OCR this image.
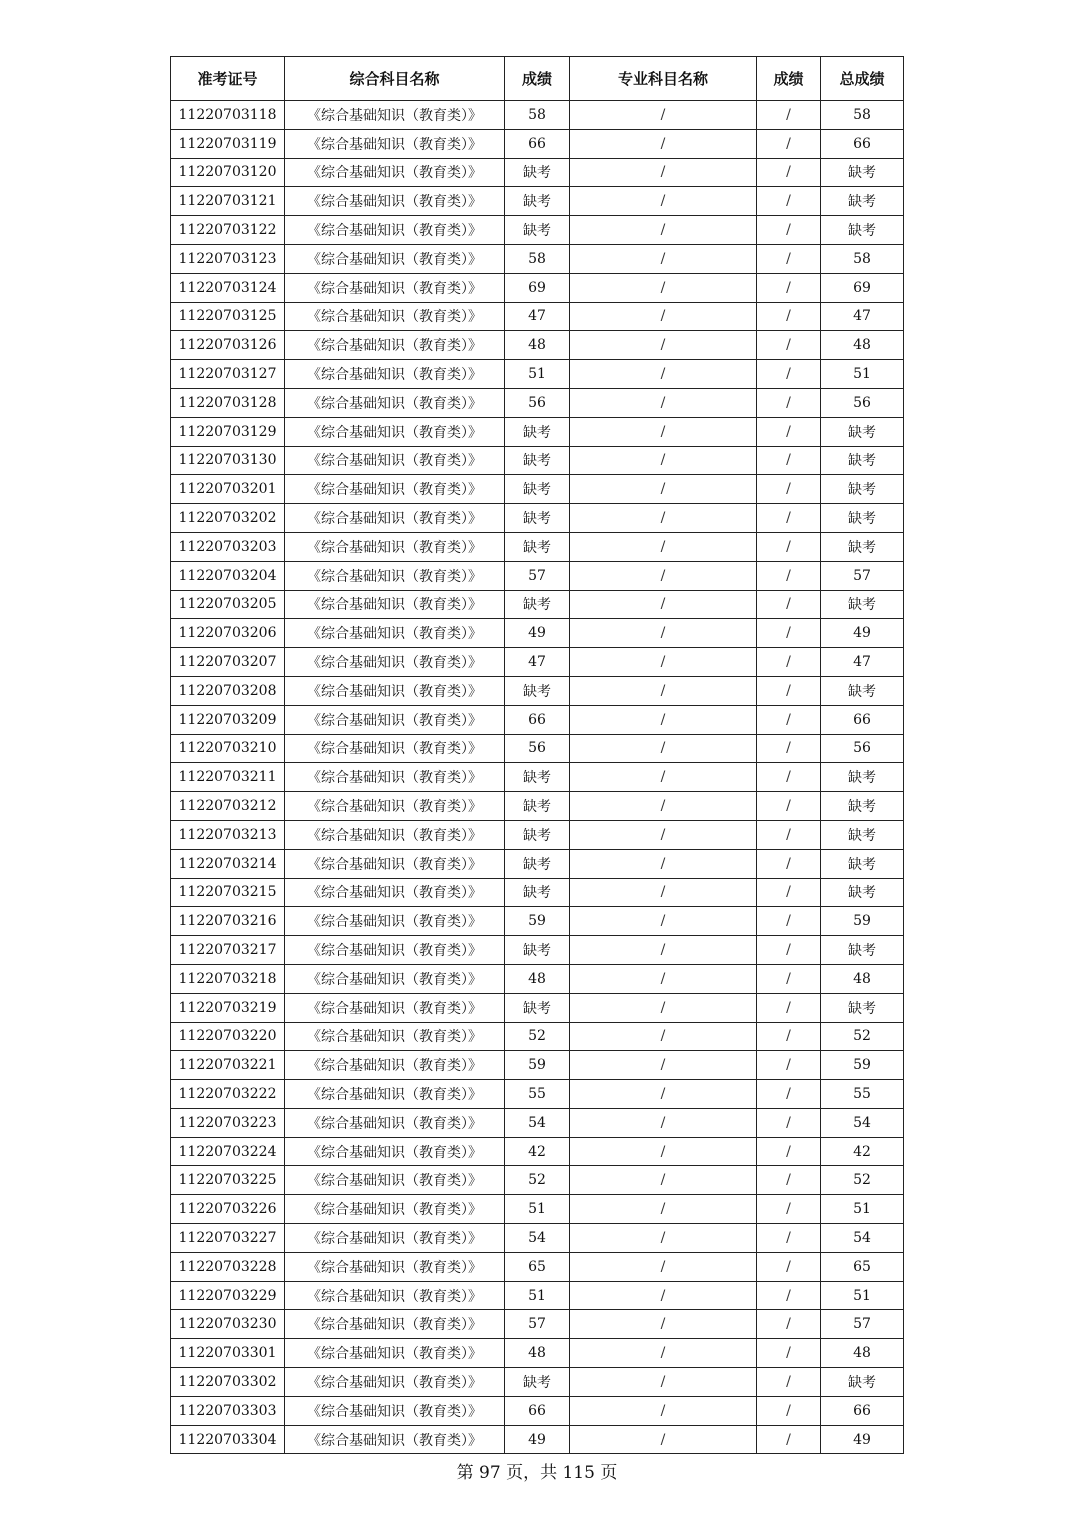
准考证号	综合科目名称	成绩	专业科目名称	成绩	总成绩
11220703118	《综合基础知识（教育类）》	58	/	/	58
11220703119	《综合基础知识（教育类）》	66	/	/	66
11220703120	《综合基础知识（教育类）》	缺考	/	/	缺考
11220703121	《综合基础知识（教育类）》	缺考	/	/	缺考
11220703122	《综合基础知识（教育类）》	缺考	/	/	缺考
11220703123	《综合基础知识（教育类）》	58	/	/	58
11220703124	《综合基础知识（教育类）》	69	/	/	69
11220703125	《综合基础知识（教育类）》	47	/	/	47
11220703126	《综合基础知识（教育类）》	48	/	/	48
11220703127	《综合基础知识（教育类）》	51	/	/	51
11220703128	《综合基础知识（教育类）》	56	/	/	56
11220703129	《综合基础知识（教育类）》	缺考	/	/	缺考
11220703130	《综合基础知识（教育类）》	缺考	/	/	缺考
11220703201	《综合基础知识（教育类）》	缺考	/	/	缺考
11220703202	《综合基础知识（教育类）》	缺考	/	/	缺考
11220703203	《综合基础知识（教育类）》	缺考	/	/	缺考
11220703204	《综合基础知识（教育类）》	57	/	/	57
11220703205	《综合基础知识（教育类）》	缺考	/	/	缺考
11220703206	《综合基础知识（教育类）》	49	/	/	49
11220703207	《综合基础知识（教育类）》	47	/	/	47
11220703208	《综合基础知识（教育类）》	缺考	/	/	缺考
11220703209	《综合基础知识（教育类）》	66	/	/	66
11220703210	《综合基础知识（教育类）》	56	/	/	56
11220703211	《综合基础知识（教育类）》	缺考	/	/	缺考
11220703212	《综合基础知识（教育类）》	缺考	/	/	缺考
11220703213	《综合基础知识（教育类）》	缺考	/	/	缺考
11220703214	《综合基础知识（教育类）》	缺考	/	/	缺考
11220703215	《综合基础知识（教育类）》	缺考	/	/	缺考
11220703216	《综合基础知识（教育类）》	59	/	/	59
11220703217	《综合基础知识（教育类）》	缺考	/	/	缺考
11220703218	《综合基础知识（教育类）》	48	/	/	48
11220703219	《综合基础知识（教育类）》	缺考	/	/	缺考
11220703220	《综合基础知识（教育类）》	52	/	/	52
11220703221	《综合基础知识（教育类）》	59	/	/	59
11220703222	《综合基础知识（教育类）》	55	/	/	55
11220703223	《综合基础知识（教育类）》	54	/	/	54
11220703224	《综合基础知识（教育类）》	42	/	/	42
11220703225	《综合基础知识（教育类）》	52	/	/	52
11220703226	《综合基础知识（教育类）》	51	/	/	51
11220703227	《综合基础知识（教育类）》	54	/	/	54
11220703228	《综合基础知识（教育类）》	65	/	/	65
11220703229	《综合基础知识（教育类）》	51	/	/	51
11220703230	《综合基础知识（教育类）》	57	/	/	57
11220703301	《综合基础知识（教育类）》	48	/	/	48
11220703302	《综合基础知识（教育类）》	缺考	/	/	缺考
11220703303	《综合基础知识（教育类）》	66	/	/	66
11220703304	《综合基础知识（教育类）》	49	/	/	49
第 97 页，共 115 页
